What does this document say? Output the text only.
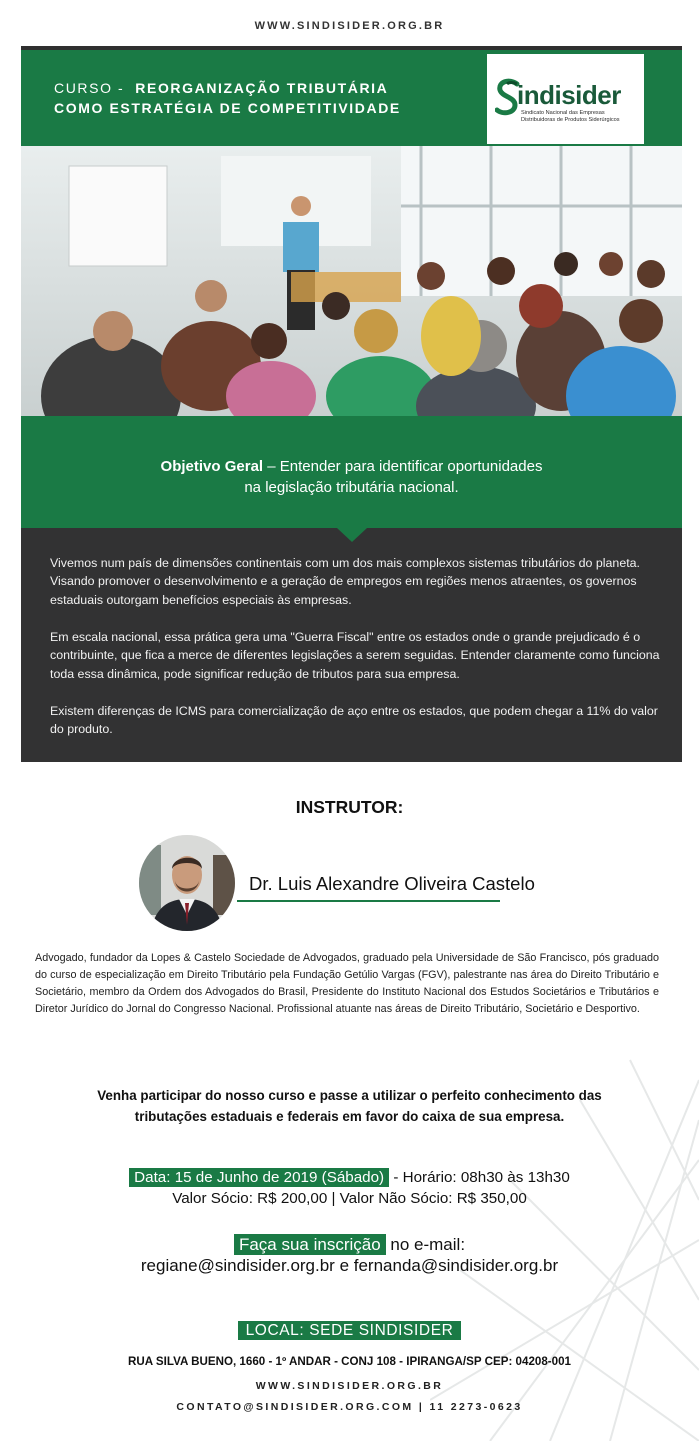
WWW.SINDISIDER.ORG.BR
CURSO - REORGANIZAÇÃO TRIBUTÁRIA
COMO ESTRATÉGIA DE COMPETITIVIDADE	indisider
Sindicato Nacional das Empresas
Distribuidoras de Produtos Siderúrgicos
Objetivo Geral – Entender para identificar oportunidades
na legislação tributária nacional.
Vivemos num país de dimensões continentais com um dos mais complexos sistemas tributários do planeta. Visando promover o desenvolvimento e a geração de empregos em regiões menos atraentes, os governos estaduais outorgam benefícios especiais às empresas.
Em escala nacional, essa prática gera uma "Guerra Fiscal" entre os estados onde o grande prejudicado é o contribuinte, que fica a merce de diferentes legislações a serem seguidas. Entender claramente como funciona toda essa dinâmica, pode significar redução de tributos para sua empresa.
Existem diferenças de ICMS para comercialização de aço entre os estados, que podem chegar a 11% do valor do produto.
INSTRUTOR:
Dr. Luis Alexandre Oliveira Castelo
Advogado, fundador da Lopes & Castelo Sociedade de Advogados, graduado pela Universidade de São Francisco, pós graduado do curso de especialização em Direito Tributário pela Fundação Getúlio Vargas (FGV), palestrante nas área do Direito Tributário e Societário, membro da Ordem dos Advogados do Brasil, Presidente do Instituto Nacional dos Estudos Societários e Tributários e Diretor Jurídico do Jornal do Congresso Nacional. Profissional atuante nas áreas de Direito Tributário, Societário e Desportivo.
Venha participar do nosso curso e passe a utilizar o perfeito conhecimento das
tributações estaduais e federais em favor do caixa de sua empresa.
Data: 15 de Junho de 2019 (Sábado) - Horário: 08h30 às 13h30
Valor Sócio: R$ 200,00 | Valor Não Sócio: R$ 350,00
Faça sua inscrição no e-mail:
regiane@sindisider.org.br e fernanda@sindisider.org.br
LOCAL: SEDE SINDISIDER
RUA SILVA BUENO, 1660 - 1º ANDAR - CONJ 108 - IPIRANGA/SP CEP: 04208-001
WWW.SINDISIDER.ORG.BR
CONTATO@SINDISIDER.ORG.COM | 11 2273-0623
